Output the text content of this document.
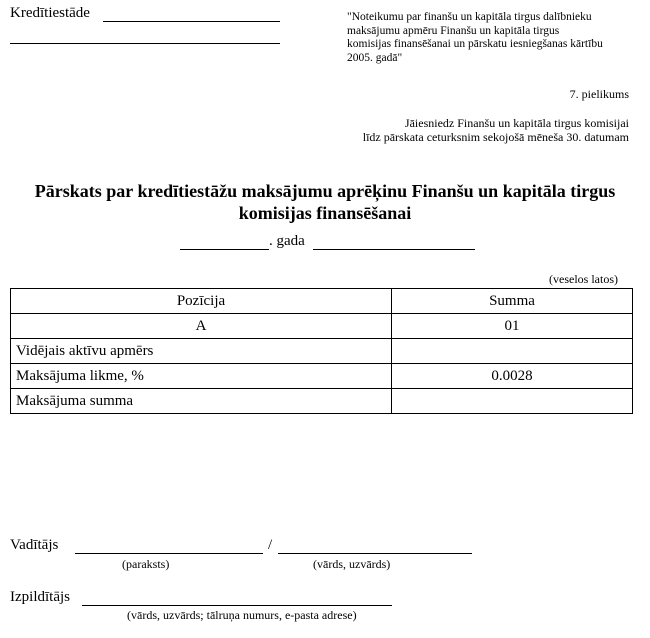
Kredītiestāde	"Noteikumu par finanšu un kapitāla tirgus dalībnieku
maksājumu apmēru Finanšu un kapitāla tirgus
komisijas finansēšanai un pārskatu iesniegšanas kārtību
2005. gadā"
7. pielikums
Jāiesniedz Finanšu un kapitāla tirgus komisijai
līdz pārskata ceturksnim sekojošā mēneša 30. datumam
Pārskats par kredītiestāžu maksājumu aprēķinu Finanšu un kapitāla tirgus
komisijas finansēšanai
. gada
(veselos latos)
Pozīcija	Summa
A	01
Vidējais aktīvu apmērs	
Maksājuma likme, %	0.0028
Maksājuma summa	
Vadītājs	/
(paraksts)	(vārds, uzvārds)
Izpildītājs
(vārds, uzvārds; tālruņa numurs, e-pasta adrese)
